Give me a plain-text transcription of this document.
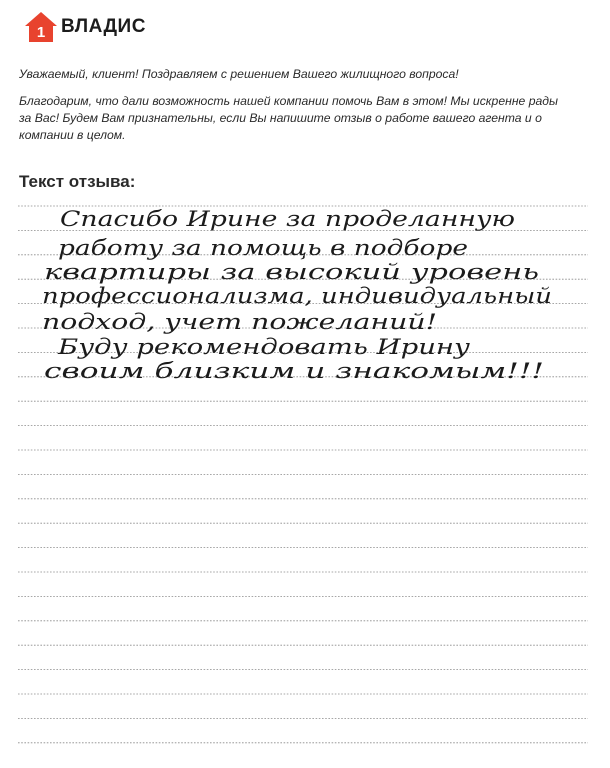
1 ВЛАДИС

Уважаемый, клиент! Поздравляем с решением Вашего жилищного вопроса!

Благодарим, что дали возможность нашей компании помочь Вам в этом! Мы искренне рады за Вас! Будем Вам признательны, если Вы напишите отзыв о работе вашего агента и о компании в целом.

Текст отзыва:
Спасибо Ирине за проделанную
работу за помощь в подборе
квартиры за высокий уровень
профессионализма, индивидуальный
подход, учет пожеланий!
Буду рекомендовать Ирину
своим близким и знакомым!!!
